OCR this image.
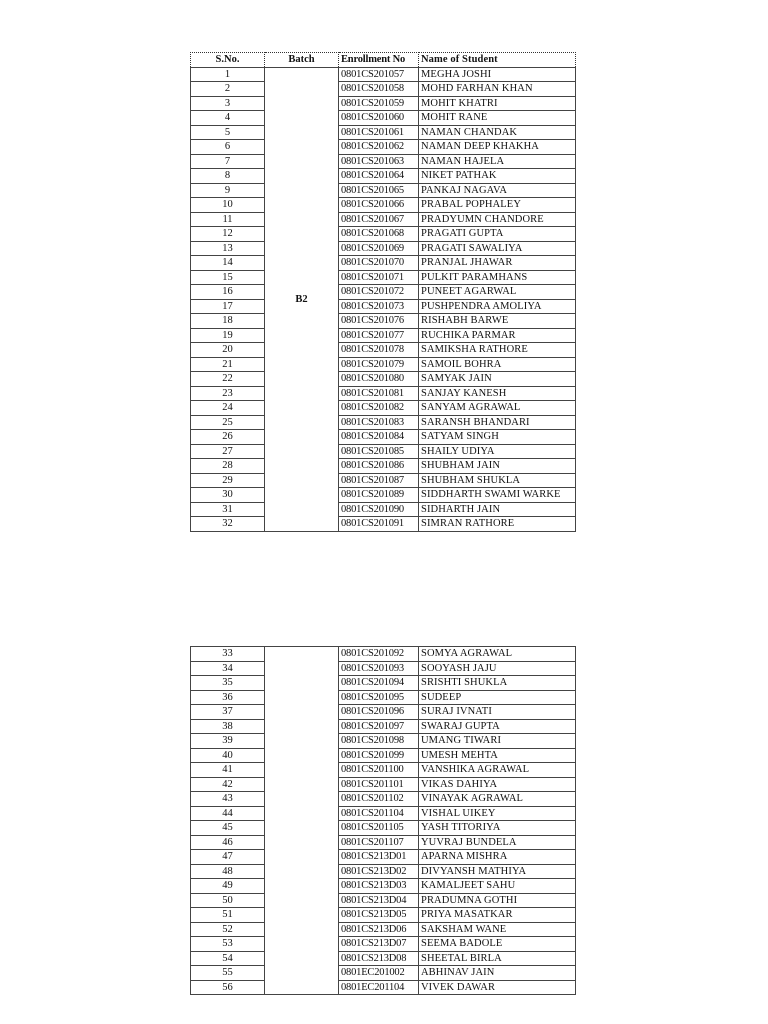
S.No.	Batch	Enrollment No	Name of Student
1	B2	0801CS201057	MEGHA JOSHI
2		0801CS201058	MOHD FARHAN KHAN
3		0801CS201059	MOHIT KHATRI
4		0801CS201060	MOHIT RANE
5		0801CS201061	NAMAN CHANDAK
6		0801CS201062	NAMAN DEEP KHAKHA
7		0801CS201063	NAMAN HAJELA
8		0801CS201064	NIKET PATHAK
9		0801CS201065	PANKAJ NAGAVA
10		0801CS201066	PRABAL POPHALEY
11		0801CS201067	PRADYUMN CHANDORE
12		0801CS201068	PRAGATI GUPTA
13		0801CS201069	PRAGATI SAWALIYA
14		0801CS201070	PRANJAL JHAWAR
15		0801CS201071	PULKIT PARAMHANS
16		0801CS201072	PUNEET AGARWAL
17		0801CS201073	PUSHPENDRA AMOLIYA
18		0801CS201076	RISHABH BARWE
19		0801CS201077	RUCHIKA PARMAR
20		0801CS201078	SAMIKSHA RATHORE
21		0801CS201079	SAMOIL BOHRA
22		0801CS201080	SAMYAK JAIN
23		0801CS201081	SANJAY KANESH
24		0801CS201082	SANYAM AGRAWAL
25		0801CS201083	SARANSH BHANDARI
26		0801CS201084	SATYAM SINGH
27		0801CS201085	SHAILY UDIYA
28		0801CS201086	SHUBHAM JAIN
29		0801CS201087	SHUBHAM SHUKLA
30		0801CS201089	SIDDHARTH SWAMI WARKE
31		0801CS201090	SIDHARTH JAIN
32		0801CS201091	SIMRAN RATHORE
33		0801CS201092	SOMYA AGRAWAL
34		0801CS201093	SOOYASH JAJU
35		0801CS201094	SRISHTI SHUKLA
36		0801CS201095	SUDEEP
37		0801CS201096	SURAJ IVNATI
38		0801CS201097	SWARAJ GUPTA
39		0801CS201098	UMANG TIWARI
40		0801CS201099	UMESH MEHTA
41		0801CS201100	VANSHIKA AGRAWAL
42		0801CS201101	VIKAS DAHIYA
43		0801CS201102	VINAYAK AGRAWAL
44		0801CS201104	VISHAL UIKEY
45		0801CS201105	YASH TITORIYA
46		0801CS201107	YUVRAJ BUNDELA
47		0801CS213D01	APARNA MISHRA
48		0801CS213D02	DIVYANSH MATHIYA
49		0801CS213D03	KAMALJEET SAHU
50		0801CS213D04	PRADUMNA GOTHI
51		0801CS213D05	PRIYA MASATKAR
52		0801CS213D06	SAKSHAM WANE
53		0801CS213D07	SEEMA BADOLE
54		0801CS213D08	SHEETAL BIRLA
55		0801EC201002	ABHINAV JAIN
56		0801EC201104	VIVEK DAWAR
